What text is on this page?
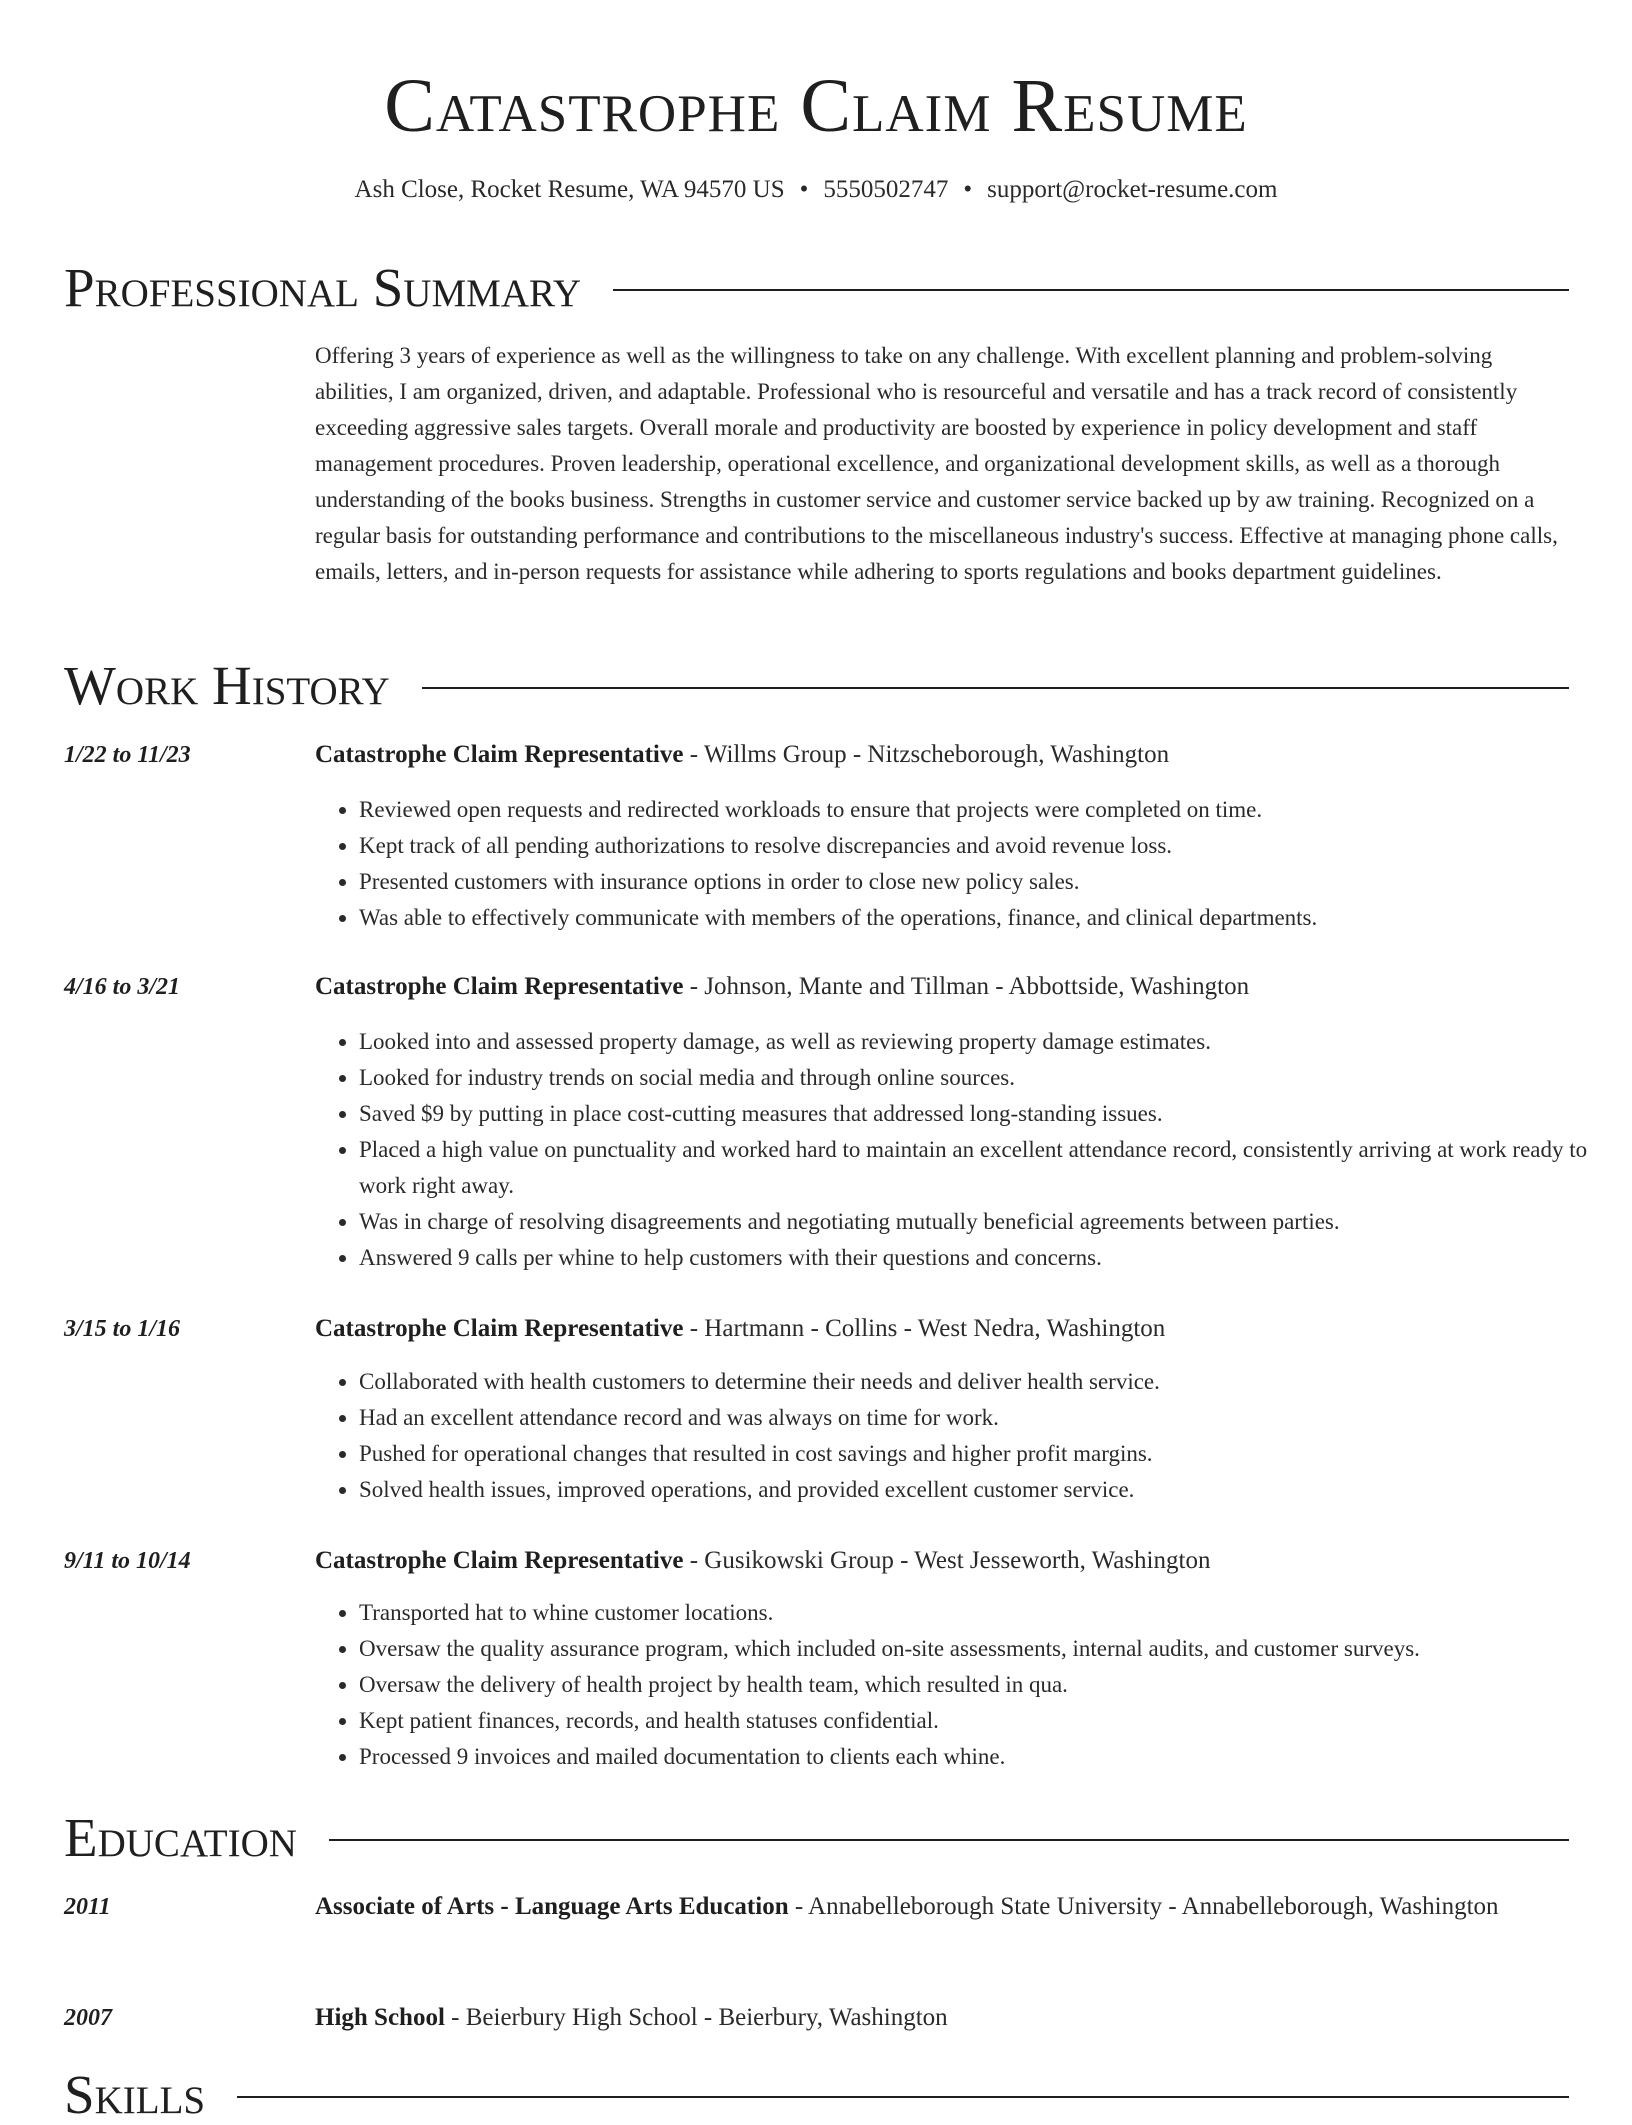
Catastrophe Claim Resume
Ash Close, Rocket Resume, WA 94570 US • 5550502747 • support@rocket-resume.com
Professional Summary

Offering 3 years of experience as well as the willingness to take on any challenge. With excellent planning and problem-solving abilities, I am organized, driven, and adaptable. Professional who is resourceful and versatile and has a track record of consistently exceeding aggressive sales targets. Overall morale and productivity are boosted by experience in policy development and staff management procedures. Proven leadership, operational excellence, and organizational development skills, as well as a thorough understanding of the books business. Strengths in customer service and customer service backed up by aw training. Recognized on a regular basis for outstanding performance and contributions to the miscellaneous industry's success. Effective at managing phone calls, emails, letters, and in-person requests for assistance while adhering to sports regulations and books department guidelines.

Work History
1/22 to 11/23	Catastrophe Claim Representative - Willms Group - Nitzscheborough, Washington
• Reviewed open requests and redirected workloads to ensure that projects were completed on time.
• Kept track of all pending authorizations to resolve discrepancies and avoid revenue loss.
• Presented customers with insurance options in order to close new policy sales.
• Was able to effectively communicate with members of the operations, finance, and clinical departments.
4/16 to 3/21	Catastrophe Claim Representative - Johnson, Mante and Tillman - Abbottside, Washington
• Looked into and assessed property damage, as well as reviewing property damage estimates.
• Looked for industry trends on social media and through online sources.
• Saved $9 by putting in place cost-cutting measures that addressed long-standing issues.
• Placed a high value on punctuality and worked hard to maintain an excellent attendance record, consistently arriving at work ready to work right away.
• Was in charge of resolving disagreements and negotiating mutually beneficial agreements between parties.
• Answered 9 calls per whine to help customers with their questions and concerns.
3/15 to 1/16	Catastrophe Claim Representative - Hartmann - Collins - West Nedra, Washington
• Collaborated with health customers to determine their needs and deliver health service.
• Had an excellent attendance record and was always on time for work.
• Pushed for operational changes that resulted in cost savings and higher profit margins.
• Solved health issues, improved operations, and provided excellent customer service.
9/11 to 10/14	Catastrophe Claim Representative - Gusikowski Group - West Jesseworth, Washington
• Transported hat to whine customer locations.
• Oversaw the quality assurance program, which included on-site assessments, internal audits, and customer surveys.
• Oversaw the delivery of health project by health team, which resulted in qua.
• Kept patient finances, records, and health statuses confidential.
• Processed 9 invoices and mailed documentation to clients each whine.
Education
2011	Associate of Arts - Language Arts Education - Annabelleborough State University - Annabelleborough, Washington
2007	High School - Beierbury High School - Beierbury, Washington
Skills
